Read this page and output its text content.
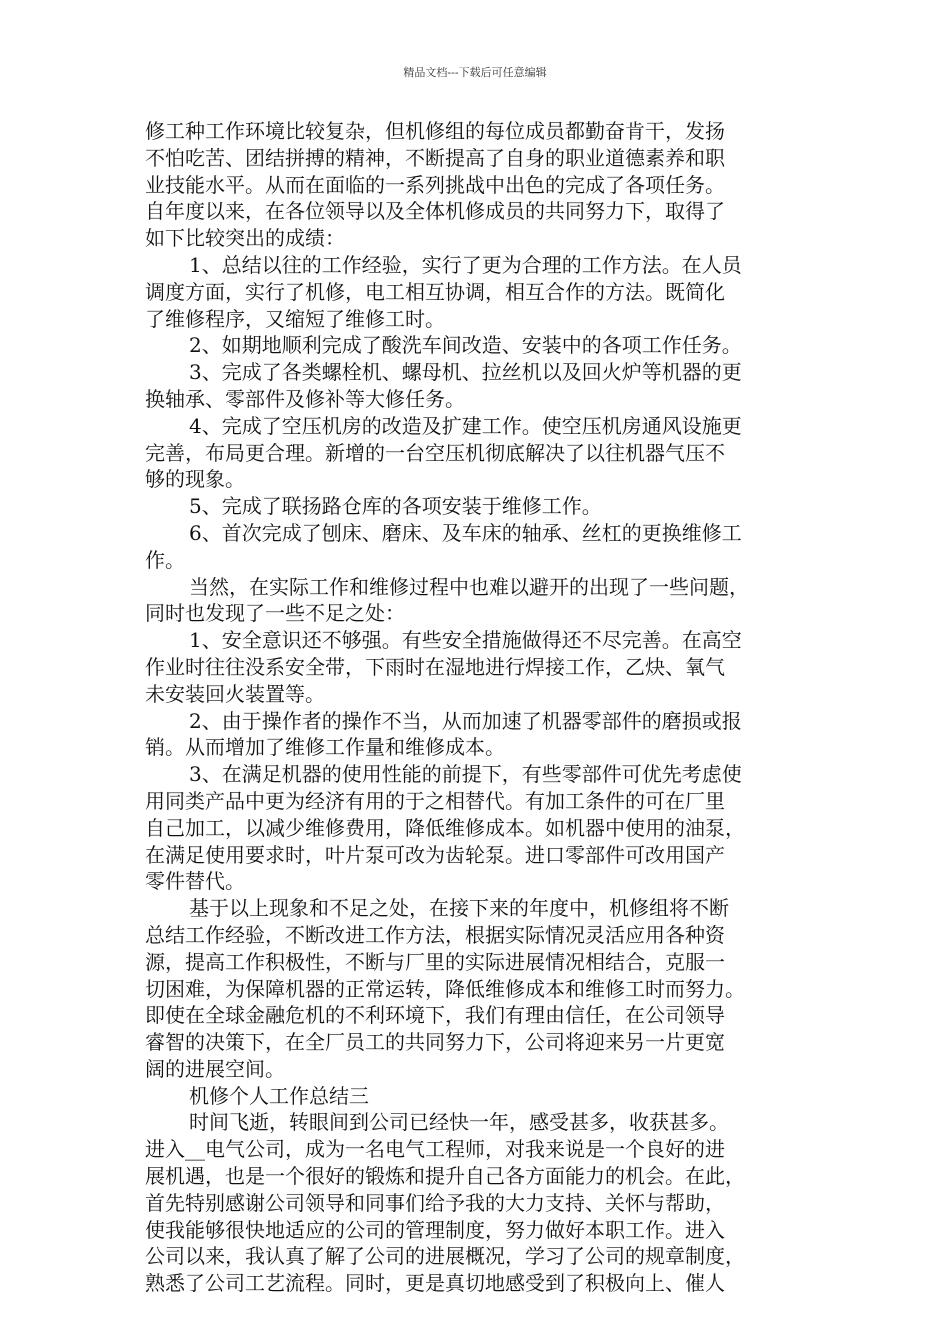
精品文档---下载后可任意编辑
修工种工作环境比较复杂，但机修组的每位成员都勤奋肯干，发扬
不怕吃苦、团结拼搏的精神，不断提高了自身的职业道德素养和职
业技能水平。从而在面临的一系列挑战中出色的完成了各项任务。
自年度以来，在各位领导以及全体机修成员的共同努力下，取得了
如下比较突出的成绩：
1、总结以往的工作经验，实行了更为合理的工作方法。在人员
调度方面，实行了机修，电工相互协调，相互合作的方法。既简化
了维修程序，又缩短了维修工时。
2、如期地顺利完成了酸洗车间改造、安装中的各项工作任务。
3、完成了各类螺栓机、螺母机、拉丝机以及回火炉等机器的更
换轴承、零部件及修补等大修任务。
4、完成了空压机房的改造及扩建工作。使空压机房通风设施更
完善，布局更合理。新增的一台空压机彻底解决了以往机器气压不
够的现象。
5、完成了联扬路仓库的各项安装于维修工作。
6、首次完成了刨床、磨床、及车床的轴承、丝杠的更换维修工
作。
当然，在实际工作和维修过程中也难以避开的出现了一些问题，
同时也发现了一些不足之处：
1、安全意识还不够强。有些安全措施做得还不尽完善。在高空
作业时往往没系安全带，下雨时在湿地进行焊接工作，乙炔、氧气
未安装回火装置等。
2、由于操作者的操作不当，从而加速了机器零部件的磨损或报
销。从而增加了维修工作量和维修成本。
3、在满足机器的使用性能的前提下，有些零部件可优先考虑使
用同类产品中更为经济有用的于之相替代。有加工条件的可在厂里
自己加工，以减少维修费用，降低维修成本。如机器中使用的油泵，
在满足使用要求时，叶片泵可改为齿轮泵。进口零部件可改用国产
零件替代。
基于以上现象和不足之处，在接下来的年度中，机修组将不断
总结工作经验，不断改进工作方法，根据实际情况灵活应用各种资
源，提高工作积极性，不断与厂里的实际进展情况相结合，克服一
切困难，为保障机器的正常运转，降低维修成本和维修工时而努力。
即使在全球金融危机的不利环境下，我们有理由信任，在公司领导
睿智的决策下，在全厂员工的共同努力下，公司将迎来另一片更宽
阔的进展空间。
机修个人工作总结三
时间飞逝，转眼间到公司已经快一年，感受甚多，收获甚多。
进入__电气公司，成为一名电气工程师，对我来说是一个良好的进
展机遇，也是一个很好的锻炼和提升自己各方面能力的机会。在此，
首先特别感谢公司领导和同事们给予我的大力支持、关怀与帮助，
使我能够很快地适应的公司的管理制度，努力做好本职工作。进入
公司以来，我认真了解了公司的进展概况，学习了公司的规章制度，
熟悉了公司工艺流程。同时，更是真切地感受到了积极向上、催人
